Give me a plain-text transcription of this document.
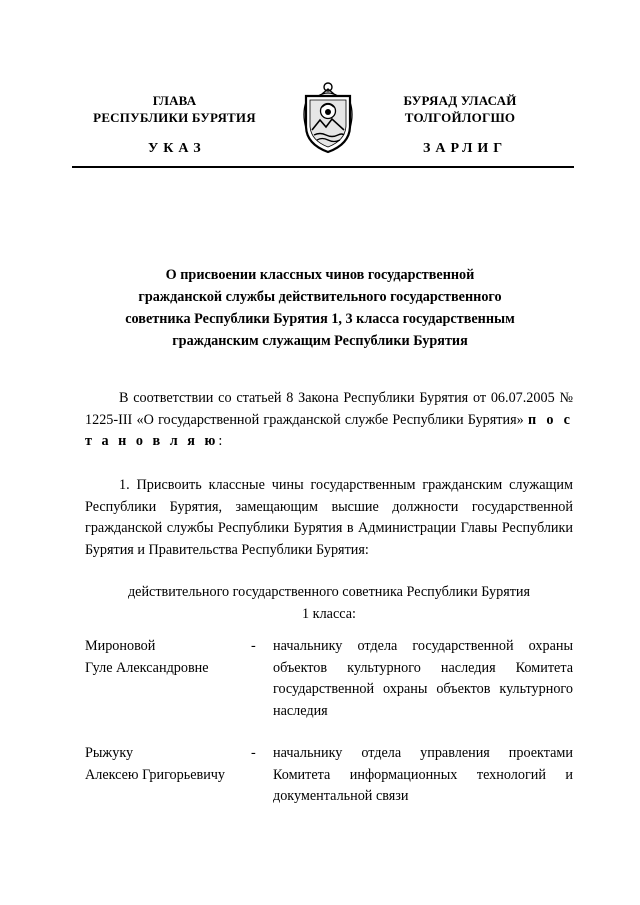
ГЛАВА
РЕСПУБЛИКИ БУРЯТИЯ
БУРЯАД УЛАСАЙ
ТОЛГОЙЛОГШО
УКАЗ	ЗАРЛИГ
О присвоении классных чинов государственной
гражданской службы действительного государственного
советника Республики Бурятия 1, 3 класса государственным
гражданским служащим Республики Бурятия
В соответствии со статьей 8 Закона Республики Бурятия от 06.07.2005 № 1225-III «О государственной гражданской службе Республики Бурятия» п о с т а н о в л я ю:
1. Присвоить классные чины государственным гражданским служащим Республики Бурятия, замещающим высшие должности государственной гражданской службы Республики Бурятия в Администрации Главы Республики Бурятия и Правительства Республики Бурятия:
действительного государственного советника Республики Бурятия
1 класса:
Мироновой
Гуле Александровне
- начальнику отдела государственной охраны объектов культурного наследия Комитета государственной охраны объектов культурного наследия
Рыжуку
Алексею Григорьевичу
- начальнику отдела управления проектами Комитета информационных технологий и документальной связи
